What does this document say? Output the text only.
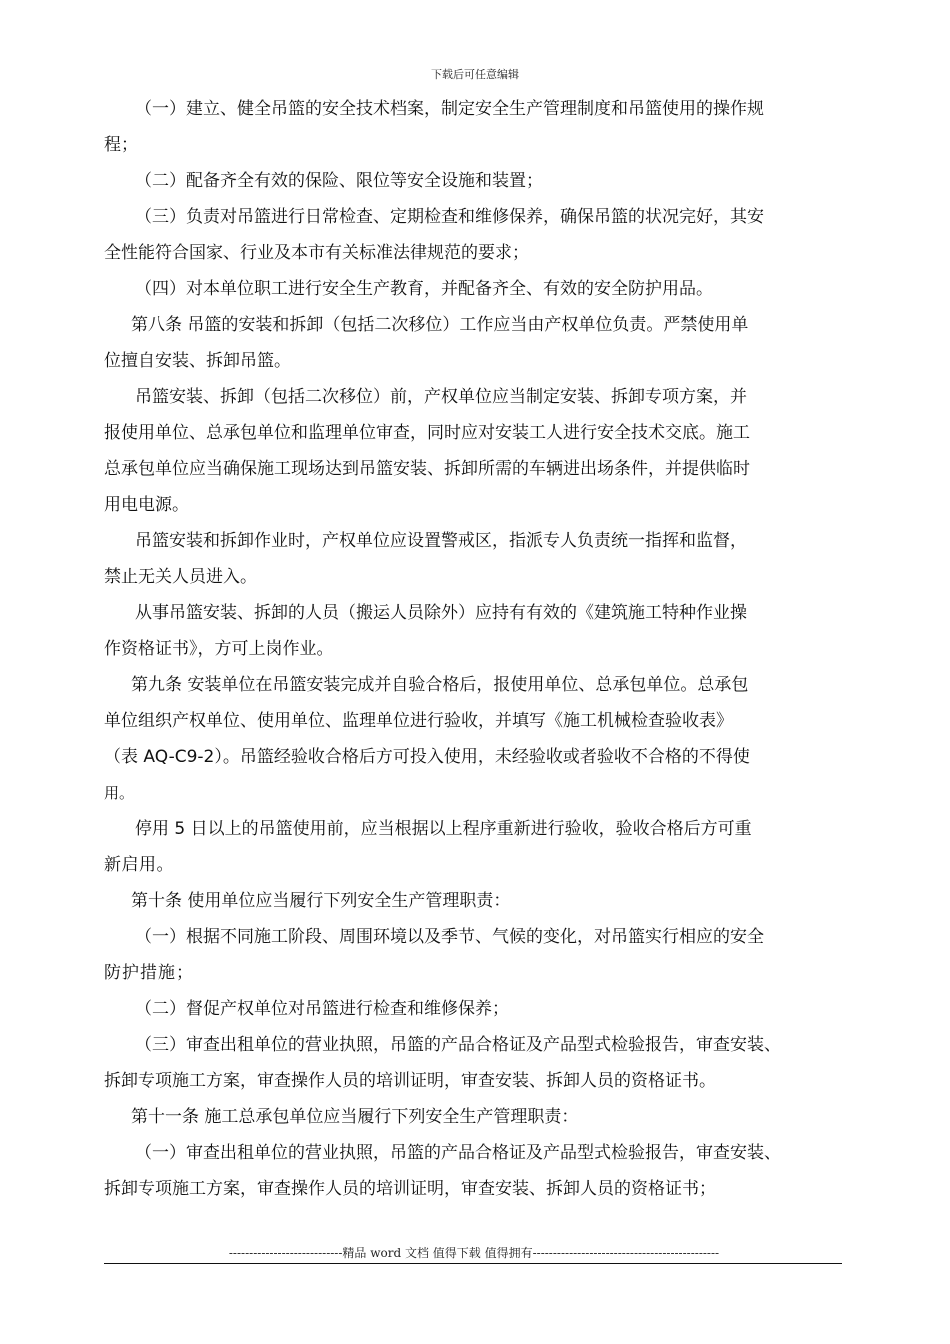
下载后可任意编辑
（一）建立、健全吊篮的安全技术档案，制定安全生产管理制度和吊篮使用的操作规
程；
（二）配备齐全有效的保险、限位等安全设施和装置；
（三）负责对吊篮进行日常检查、定期检查和维修保养，确保吊篮的状况完好，其安
全性能符合国家、行业及本市有关标准法律规范的要求；
（四）对本单位职工进行安全生产教育，并配备齐全、有效的安全防护用品。
第八条 吊篮的安装和拆卸（包括二次移位）工作应当由产权单位负责。严禁使用单
位擅自安装、拆卸吊篮。
吊篮安装、拆卸（包括二次移位）前，产权单位应当制定安装、拆卸专项方案，并
报使用单位、总承包单位和监理单位审查，同时应对安装工人进行安全技术交底。施工
总承包单位应当确保施工现场达到吊篮安装、拆卸所需的车辆进出场条件，并提供临时
用电电源。
吊篮安装和拆卸作业时，产权单位应设置警戒区，指派专人负责统一指挥和监督，
禁止无关人员进入。
从事吊篮安装、拆卸的人员（搬运人员除外）应持有有效的《建筑施工特种作业操
作资格证书》，方可上岗作业。
第九条 安装单位在吊篮安装完成并自验合格后，报使用单位、总承包单位。总承包
单位组织产权单位、使用单位、监理单位进行验收，并填写《施工机械检查验收表》
（表 AQ-C9-2）。吊篮经验收合格后方可投入使用，未经验收或者验收不合格的不得使
用。
停用 5 日以上的吊篮使用前，应当根据以上程序重新进行验收，验收合格后方可重
新启用。
第十条 使用单位应当履行下列安全生产管理职责：
（一）根据不同施工阶段、周围环境以及季节、气候的变化，对吊篮实行相应的安全
防护措施；
（二）督促产权单位对吊篮进行检查和维修保养；
（三）审查出租单位的营业执照，吊篮的产品合格证及产品型式检验报告，审查安装、
拆卸专项施工方案，审查操作人员的培训证明，审查安装、拆卸人员的资格证书。
第十一条 施工总承包单位应当履行下列安全生产管理职责：
（一）审查出租单位的营业执照，吊篮的产品合格证及产品型式检验报告，审查安装、
拆卸专项施工方案，审查操作人员的培训证明，审查安装、拆卸人员的资格证书；
----------------------------精品 word 文档 值得下载 值得拥有----------------------------------------------
